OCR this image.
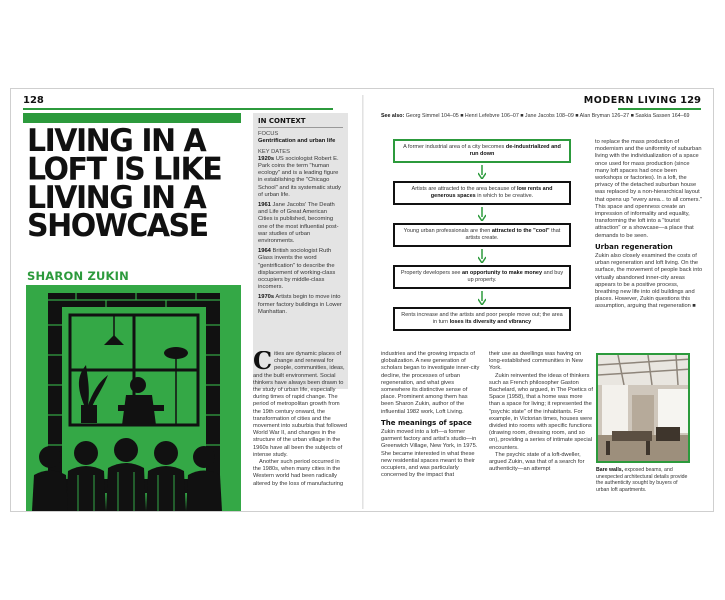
128
LIVING IN A
LOFT IS LIKE
LIVING IN A
SHOWCASE
SHARON ZUKIN
IN CONTEXT
FOCUS
Gentrification and urban life
KEY DATES
1920s US sociologist Robert E. Park coins the term "human ecology" and is a leading figure in establishing the "Chicago School" and its systematic study of urban life.
1961 Jane Jacobs' The Death and Life of Great American Cities is published, becoming one of the most influential post-war studies of urban environments.
1964 British sociologist Ruth Glass invents the word "gentrification" to describe the displacement of working-class occupiers by middle-class incomers.
1970s Artists begin to move into former factory buildings in Lower Manhattan.
C ities are dynamic places of change and renewal for people, communities, ideas, and the built environment. Social thinkers have always been drawn to the study of urban life, especially during times of rapid change. The period of metropolitan growth from the 19th century onward, the transformation of cities and the movement into suburbia that followed World War II, and changes in the structure of the urban village in the 1960s have all been the subjects of intense study.

Another such period occurred in the 1980s, when many cities in the Western world had been radically altered by the loss of manufacturing

MODERN LIVING 129
See also: Georg Simmel 104–05 ■ Henri Lefebvre 106–07 ■ Jane Jacobs 108–09 ■ Alan Bryman 126–27 ■ Saskia Sassen 164–69
A former industrial area of a city becomes de-industrialized and run down
Artists are attracted to the area because of low rents and generous spaces in which to be creative.
Young urban professionals are then attracted to the "cool" that artists create.
Property developers see an opportunity to make money and buy up property.
Rents increase and the artists and poor people move out; the area in turn loses its diversity and vibrancy

industries and the growing impacts of globalization. A new generation of scholars began to investigate inner-city decline, the processes of urban regeneration, and what gives somewhere its distinctive sense of place. Prominent among them has been Sharon Zukin, author of the influential 1982 work, Loft Living.

The meanings of space

Zukin moved into a loft—a former garment factory and artist's studio—in Greenwich Village, New York, in 1975. She became interested in what these new residential spaces meant to their occupiers, and was particularly concerned by the impact that

their use as dwellings was having on long-established communities in New York.

Zukin reinvented the ideas of thinkers such as French philosopher Gaston Bachelard, who argued, in The Poetics of Space (1958), that a home was more than a space for living; it represented the "psychic state" of the inhabitants. For example, in Victorian times, houses were divided into rooms with specific functions (drawing room, dressing room, and so on), providing a series of intimate special encounters.

The psychic state of a loft-dweller, argued Zukin, was that of a search for authenticity—an attempt

to replace the mass production of modernism and the uniformity of suburban living with the individualization of a space once used for mass production (since many loft spaces had once been workshops or factories). In a loft, the privacy of the detached suburban house was replaced by a non-hierarchical layout that opens up "every area... to all comers." This space and openness create an impression of informality and equality, transforming the loft into a "tourist attraction" or a showcase—a place that demands to be seen.

Urban regeneration

Zukin also closely examined the costs of urban regeneration and loft living. On the surface, the movement of people back into virtually abandoned inner-city areas appears to be a positive process, breathing new life into old buildings and places. However, Zukin questions this assumption, arguing that regeneration ■

Bare walls, exposed beams, and unexpected architectural details provide the authenticity sought by buyers of urban loft apartments.
